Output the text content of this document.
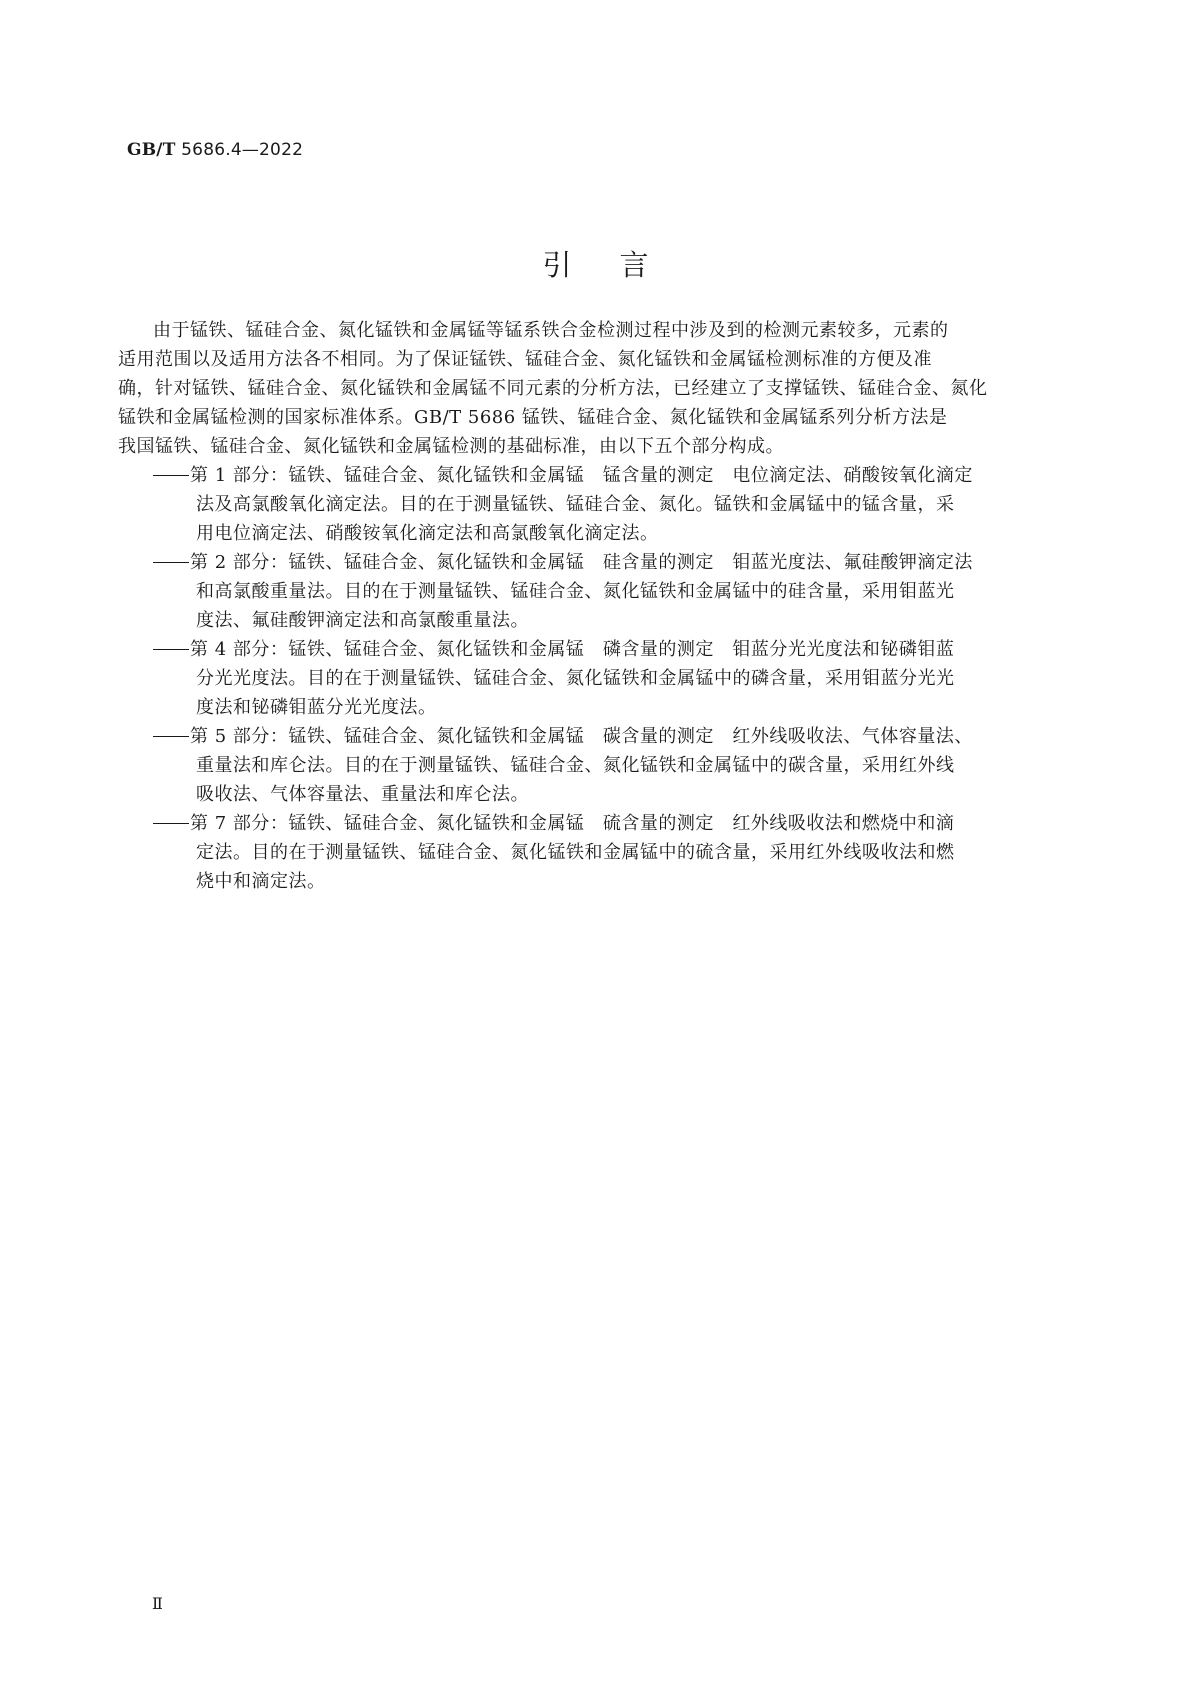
GB/T 5686.4—2022
引言
由于锰铁、锰硅合金、氮化锰铁和金属锰等锰系铁合金检测过程中涉及到的检测元素较多，元素的
适用范围以及适用方法各不相同。为了保证锰铁、锰硅合金、氮化锰铁和金属锰检测标准的方便及准
确，针对锰铁、锰硅合金、氮化锰铁和金属锰不同元素的分析方法，已经建立了支撑锰铁、锰硅合金、氮化
锰铁和金属锰检测的国家标准体系。GB/T 5686 锰铁、锰硅合金、氮化锰铁和金属锰系列分析方法是
我国锰铁、锰硅合金、氮化锰铁和金属锰检测的基础标准，由以下五个部分构成。
第 1 部分：锰铁、锰硅合金、氮化锰铁和金属锰　锰含量的测定　电位滴定法、硝酸铵氧化滴定
法及高氯酸氧化滴定法。目的在于测量锰铁、锰硅合金、氮化。锰铁和金属锰中的锰含量，采
用电位滴定法、硝酸铵氧化滴定法和高氯酸氧化滴定法。
第 2 部分：锰铁、锰硅合金、氮化锰铁和金属锰　硅含量的测定　钼蓝光度法、氟硅酸钾滴定法
和高氯酸重量法。目的在于测量锰铁、锰硅合金、氮化锰铁和金属锰中的硅含量，采用钼蓝光
度法、氟硅酸钾滴定法和高氯酸重量法。
第 4 部分：锰铁、锰硅合金、氮化锰铁和金属锰　磷含量的测定　钼蓝分光光度法和铋磷钼蓝
分光光度法。目的在于测量锰铁、锰硅合金、氮化锰铁和金属锰中的磷含量，采用钼蓝分光光
度法和铋磷钼蓝分光光度法。
第 5 部分：锰铁、锰硅合金、氮化锰铁和金属锰　碳含量的测定　红外线吸收法、气体容量法、
重量法和库仑法。目的在于测量锰铁、锰硅合金、氮化锰铁和金属锰中的碳含量，采用红外线
吸收法、气体容量法、重量法和库仑法。
第 7 部分：锰铁、锰硅合金、氮化锰铁和金属锰　硫含量的测定　红外线吸收法和燃烧中和滴
定法。目的在于测量锰铁、锰硅合金、氮化锰铁和金属锰中的硫含量，采用红外线吸收法和燃
烧中和滴定法。
Ⅱ
